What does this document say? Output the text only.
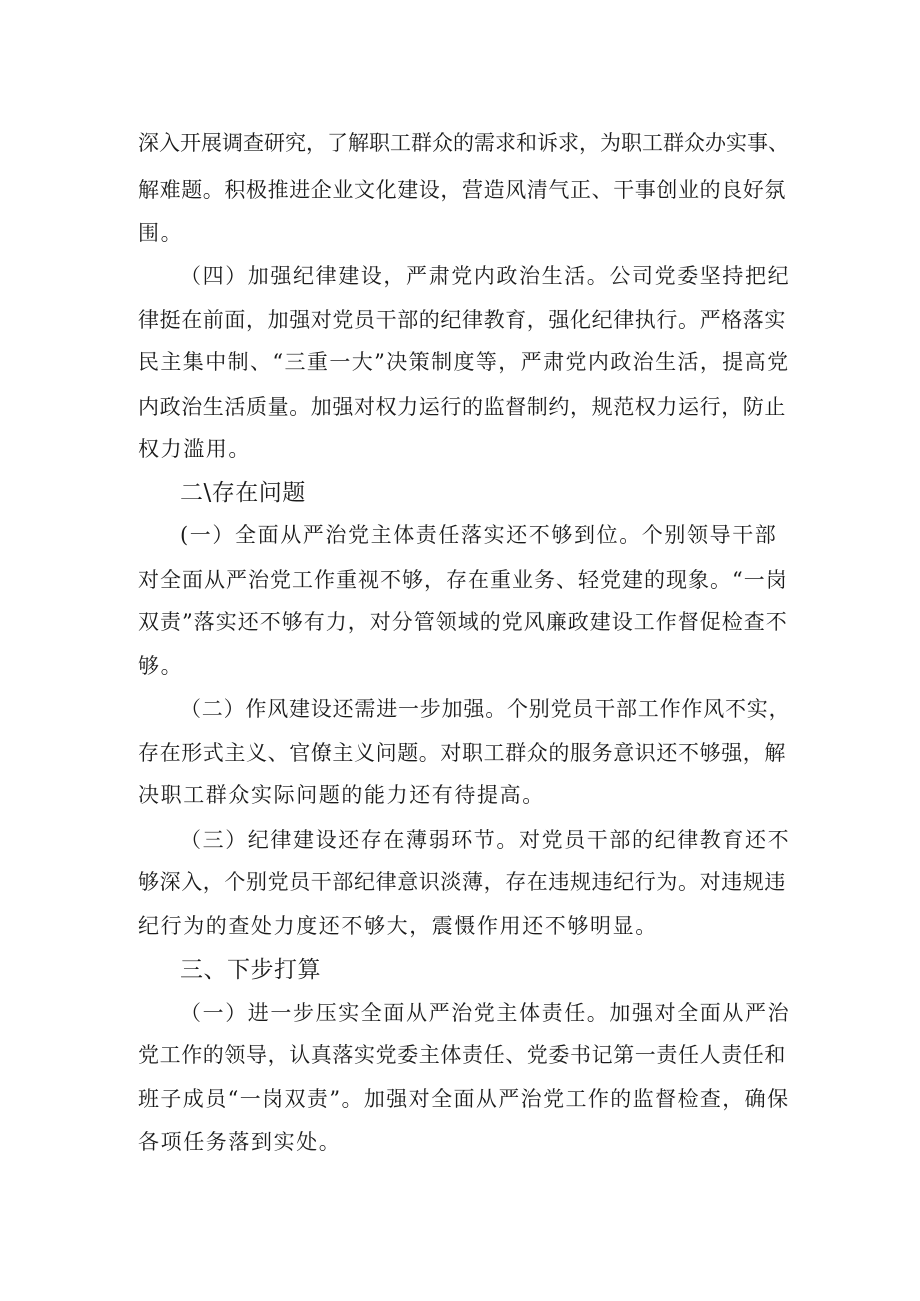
深入开展调查研究，了解职工群众的需求和诉求，为职工群众办实事、
解难题。积极推进企业文化建设，营造风清气正、干事创业的良好氛
围。
（四）加强纪律建设，严肃党内政治生活。公司党委坚持把纪
律挺在前面，加强对党员干部的纪律教育，强化纪律执行。严格落实
民主集中制、“三重一大”决策制度等，严肃党内政治生活，提高党
内政治生活质量。加强对权力运行的监督制约，规范权力运行，防止
权力滥用。
二\存在问题
(一）全面从严治党主体责任落实还不够到位。个别领导干部
对全面从严治党工作重视不够，存在重业务、轻党建的现象。“一岗
双责”落实还不够有力，对分管领域的党风廉政建设工作督促检查不
够。
（二）作风建设还需进一步加强。个别党员干部工作作风不实，
存在形式主义、官僚主义问题。对职工群众的服务意识还不够强，解
决职工群众实际问题的能力还有待提高。
（三）纪律建设还存在薄弱环节。对党员干部的纪律教育还不
够深入，个别党员干部纪律意识淡薄，存在违规违纪行为。对违规违
纪行为的查处力度还不够大，震慑作用还不够明显。
三、下步打算
（一）进一步压实全面从严治党主体责任。加强对全面从严治
党工作的领导，认真落实党委主体责任、党委书记第一责任人责任和
班子成员“一岗双责”。加强对全面从严治党工作的监督检查，确保
各项任务落到实处。
